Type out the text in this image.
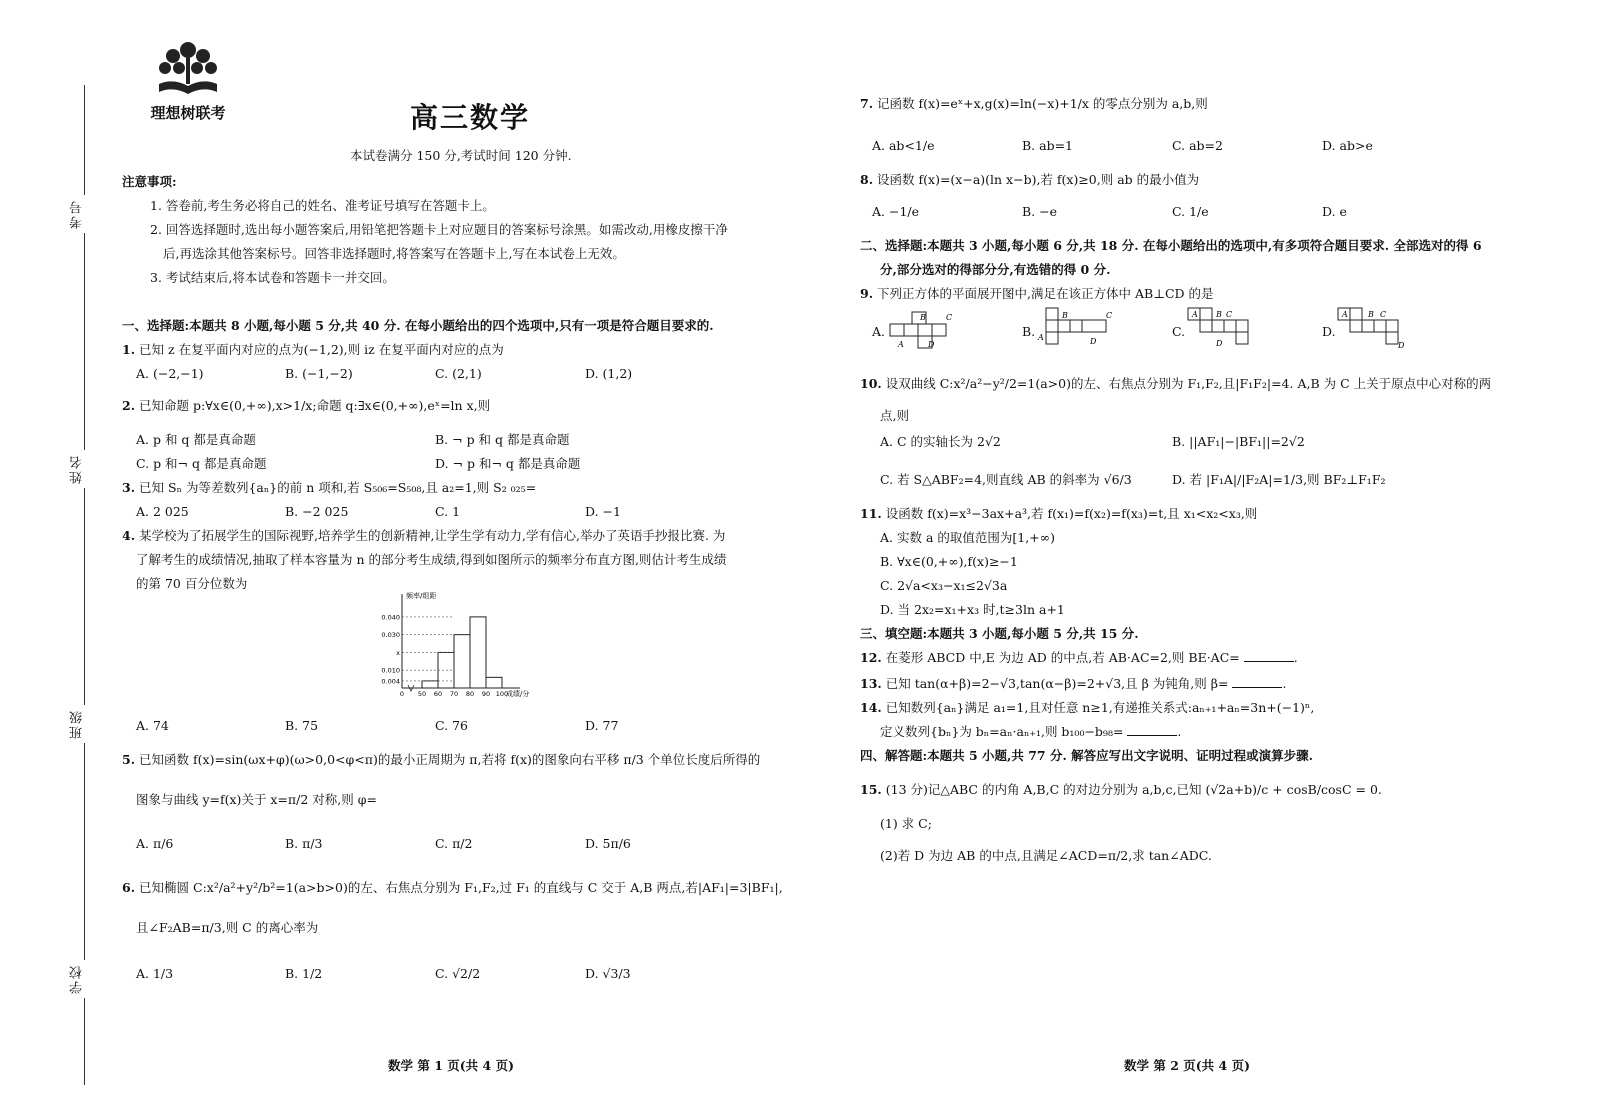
考号
姓名
班级
学校
理想树联考	高三数学
本试卷满分 150 分,考试时间 120 分钟.
注意事项:
1. 答卷前,考生务必将自己的姓名、准考证号填写在答题卡上。
2. 回答选择题时,选出每小题答案后,用铅笔把答题卡上对应题目的答案标号涂黑。如需改动,用橡皮擦干净
后,再选涂其他答案标号。回答非选择题时,将答案写在答题卡上,写在本试卷上无效。
3. 考试结束后,将本试卷和答题卡一并交回。
一、选择题:本题共 8 小题,每小题 5 分,共 40 分. 在每小题给出的四个选项中,只有一项是符合题目要求的.
1. 已知 z 在复平面内对应的点为(−1,2),则 iz 在复平面内对应的点为
A. (−2,−1)	B. (−1,−2)	C. (2,1)	D. (1,2)
2. 已知命题 p:∀x∈(0,+∞),x>1/x;命题 q:∃x∈(0,+∞),eˣ=ln x,则
A. p 和 q 都是真命题	B. ¬ p 和 q 都是真命题
C. p 和¬ q 都是真命题	D. ¬ p 和¬ q 都是真命题
3. 已知 Sₙ 为等差数列{aₙ}的前 n 项和,若 S₅₀₆=S₅₀₈,且 a₂=1,则 S₂ ₀₂₅=
A. 2 025	B. −2 025	C. 1	D. −1
4. 某学校为了拓展学生的国际视野,培养学生的创新精神,让学生学有动力,学有信心,举办了英语手抄报比赛. 为
了解考生的成绩情况,抽取了样本容量为 n 的部分考生成绩,得到如图所示的频率分布直方图,则估计考生成绩
的第 70 百分位数为
频率/组距
成绩/分
0.040
0.030
x
0.010
0.004
0 50 60 70 80 90 100
A. 74	B. 75	C. 76	D. 77
5. 已知函数 f(x)=sin(ωx+φ)(ω>0,0<φ<π)的最小正周期为 π,若将 f(x)的图象向右平移 π/3 个单位长度后所得的
图象与曲线 y=f(x)关于 x=π/2 对称,则 φ=
A. π/6	B. π/3	C. π/2	D. 5π/6
6. 已知椭圆 C:x²/a²+y²/b²=1(a>b>0)的左、右焦点分别为 F₁,F₂,过 F₁ 的直线与 C 交于 A,B 两点,若|AF₁|=3|BF₁|,
且∠F₂AB=π/3,则 C 的离心率为
A. 1/3	B. 1/2	C. √2/2	D. √3/3
数学 第 1 页(共 4 页)
7. 记函数 f(x)=eˣ+x,g(x)=ln(−x)+1/x 的零点分别为 a,b,则
A. ab<1/e	B. ab=1	C. ab=2	D. ab>e
8. 设函数 f(x)=(x−a)(ln x−b),若 f(x)≥0,则 ab 的最小值为
A. −1/e	B. −e	C. 1/e	D. e
二、选择题:本题共 3 小题,每小题 6 分,共 18 分. 在每小题给出的选项中,有多项符合题目要求. 全部选对的得 6
分,部分选对的得部分分,有选错的得 0 分.
9. 下列正方体的平面展开图中,满足在该正方体中 AB⊥CD 的是
A.
B	C
A	D
B.
B	C
A	D
C.
A B C
D
D.
A	B C
D
10. 设双曲线 C:x²/a²−y²/2=1(a>0)的左、右焦点分别为 F₁,F₂,且|F₁F₂|=4. A,B 为 C 上关于原点中心对称的两
点,则
A. C 的实轴长为 2√2	B. ||AF₁|−|BF₁||=2√2
C. 若 S△ABF₂=4,则直线 AB 的斜率为 √6/3	D. 若 |F₁A|/|F₂A|=1/3,则 BF₂⊥F₁F₂
11. 设函数 f(x)=x³−3ax+a³,若 f(x₁)=f(x₂)=f(x₃)=t,且 x₁<x₂<x₃,则
A. 实数 a 的取值范围为[1,+∞)
B. ∀x∈(0,+∞),f(x)≥−1
C. 2√a<x₃−x₁≤2√3a
D. 当 2x₂=x₁+x₃ 时,t≥3ln a+1
三、填空题:本题共 3 小题,每小题 5 分,共 15 分.
12. 在菱形 ABCD 中,E 为边 AD 的中点,若 AB·AC=2,则 BE·AC=	.
13. 已知 tan(α+β)=2−√3,tan(α−β)=2+√3,且 β 为钝角,则 β=	.
14. 已知数列{aₙ}满足 a₁=1,且对任意 n≥1,有递推关系式:aₙ₊₁+aₙ=3n+(−1)ⁿ,
定义数列{bₙ}为 bₙ=aₙ·aₙ₊₁,则 b₁₀₀−b₉₈=	.
四、解答题:本题共 5 小题,共 77 分. 解答应写出文字说明、证明过程或演算步骤.
15. (13 分)记△ABC 的内角 A,B,C 的对边分别为 a,b,c,已知 (√2a+b)/c + cosB/cosC = 0.
(1) 求 C;
(2)若 D 为边 AB 的中点,且满足∠ACD=π/2,求 tan∠ADC.
数学 第 2 页(共 4 页)
